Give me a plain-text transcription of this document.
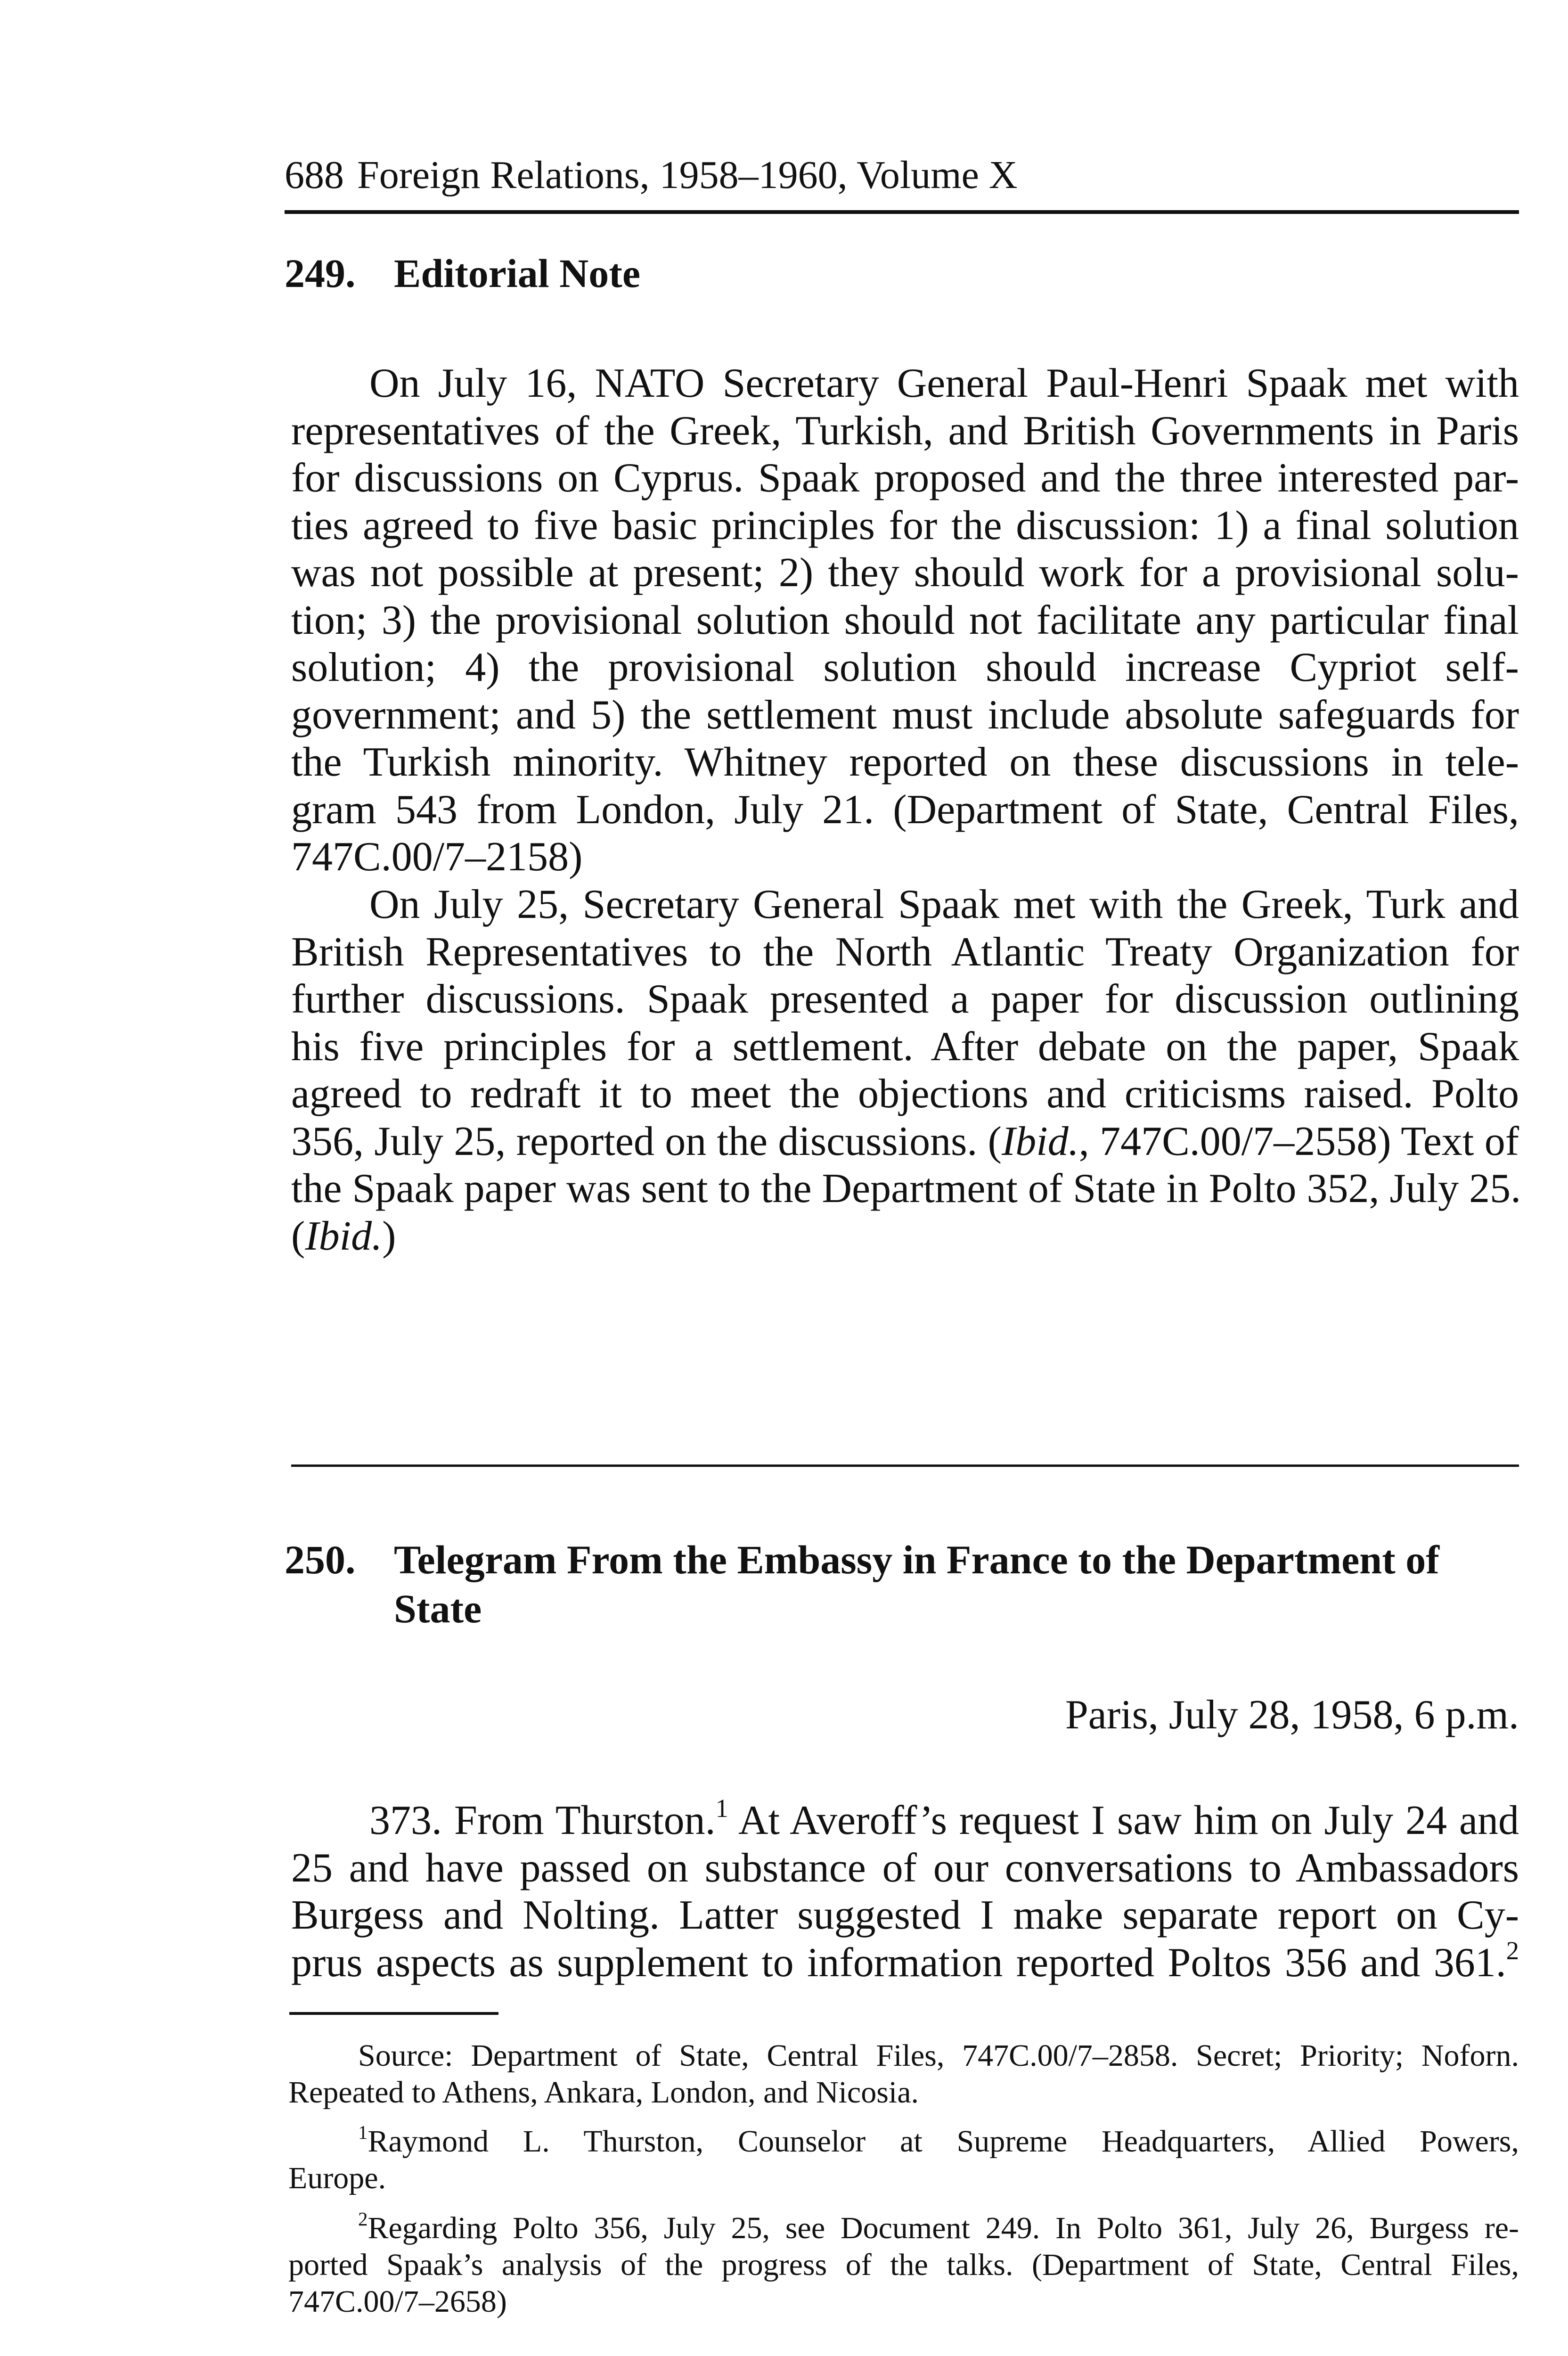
688 Foreign Relations, 1958–1960, Volume X
249. Editorial Note

On July 16, NATO Secretary General Paul-Henri Spaak met with
representatives of the Greek, Turkish, and British Governments in Paris
for discussions on Cyprus. Spaak proposed and the three interested par-
ties agreed to five basic principles for the discussion: 1) a final solution
was not possible at present; 2) they should work for a provisional solu-
tion; 3) the provisional solution should not facilitate any particular final
solution; 4) the provisional solution should increase Cypriot self-
government; and 5) the settlement must include absolute safeguards for
the Turkish minority. Whitney reported on these discussions in tele-
gram 543 from London, July 21. (Department of State, Central Files,
747C.00/7–2158)

On July 25, Secretary General Spaak met with the Greek, Turk and
British Representatives to the North Atlantic Treaty Organization for
further discussions. Spaak presented a paper for discussion outlining
his five principles for a settlement. After debate on the paper, Spaak
agreed to redraft it to meet the objections and criticisms raised. Polto
356, July 25, reported on the discussions. (Ibid., 747C.00/7–2558) Text of
the Spaak paper was sent to the Department of State in Polto 352, July 25.
(Ibid.)

250. Telegram From the Embassy in France to the Department of
State
Paris, July 28, 1958, 6 p.m.

373. From Thurston.$^1$ At Averoff’s request I saw him on July 24 and
25 and have passed on substance of our conversations to Ambassadors
Burgess and Nolting. Latter suggested I make separate report on Cy-
prus aspects as supplement to information reported Poltos 356 and 361.$^2$

Source: Department of State, Central Files, 747C.00/7–2858. Secret; Priority; Noforn.
Repeated to Athens, Ankara, London, and Nicosia.

$^1$Raymond L. Thurston, Counselor at Supreme Headquarters, Allied Powers,
Europe.

$^2$Regarding Polto 356, July 25, see Document 249. In Polto 361, July 26, Burgess re-
ported Spaak’s analysis of the progress of the talks. (Department of State, Central Files,
747C.00/7–2658)
